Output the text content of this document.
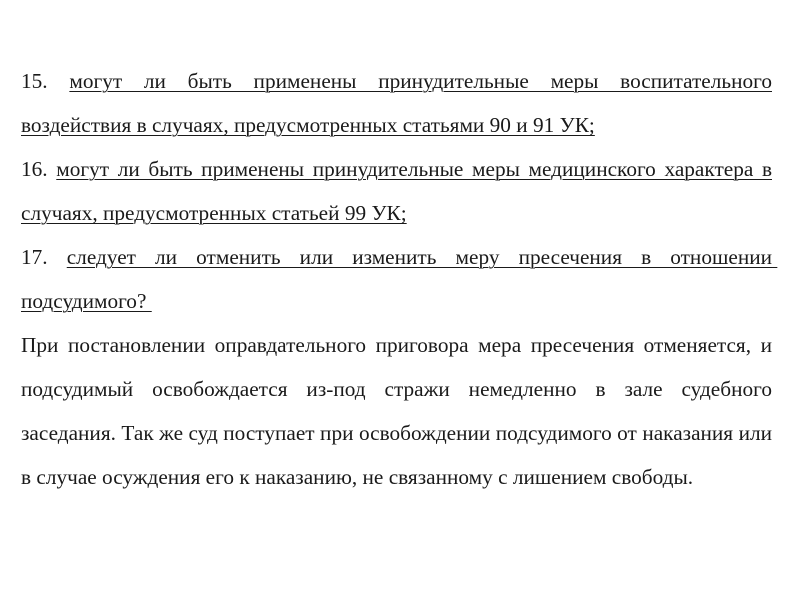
15. могут ли быть применены принудительные меры воспитательного воздействия в случаях, предусмотренных статьями 90 и 91 УК;

16. могут ли быть применены принудительные меры медицинского характера в случаях, предусмотренных статьей 99 УК;

17. следует ли отменить или изменить меру пресечения в отношении подсудимого?

При постановлении оправдательного приговора мера пресечения отменяется, и подсудимый освобождается из-под стражи немедленно в зале судебного заседания. Так же суд поступает при освобождении подсудимого от наказания или в случае осуждения его к наказанию, не связанному с лишением свободы.
